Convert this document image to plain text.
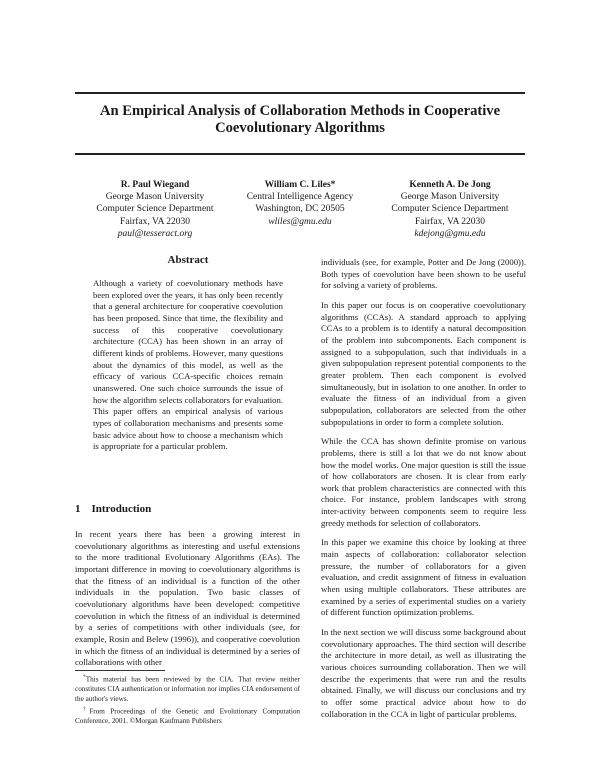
An Empirical Analysis of Collaboration Methods in Cooperative
Coevolutionary Algorithms
R. Paul Wiegand
George Mason University
Computer Science Department
Fairfax, VA 22030
paul@tesseract.org
William C. Liles*
Central Intelligence Agency
Washington, DC 20505
wliles@gmu.edu
Kenneth A. De Jong
George Mason University
Computer Science Department
Fairfax, VA 22030
kdejong@gmu.edu
Abstract

Although a variety of coevolutionary methods have been explored over the years, it has only been recently that a general architecture for cooperative coevolution has been proposed. Since that time, the flexibility and success of this cooperative coevolutionary architecture (CCA) has been shown in an array of different kinds of problems. However, many questions about the dynamics of this model, as well as the efficacy of various CCA-specific choices remain unanswered. One such choice surrounds the issue of how the algorithm selects collaborators for evaluation. This paper offers an empirical analysis of various types of collaboration mechanisms and presents some basic advice about how to choose a mechanism which is appropriate for a particular problem.

1 Introduction

In recent years there has been a growing interest in coevolutionary algorithms as interesting and useful extensions to the more traditional Evolutionary Algorithms (EAs). The important difference in moving to coevolutionary algorithms is that the fitness of an individual is a function of the other individuals in the population. Two basic classes of coevolutionary algorithms have been developed: competitive coevolution in which the fitness of an individual is determined by a series of competitions with other individuals (see, for example, Rosin and Belew (1996)), and cooperative coevolution in which the fitness of an individual is determined by a series of collaborations with other

*This material has been reviewed by the CIA. That review neither constitutes CIA authentication or information nor implies CIA endorsement of the author's views.

†From Proceedings of the Genetic and Evolutionary Computation Conference, 2001. ©Morgan Kaufmann Publishers

individuals (see, for example, Potter and De Jong (2000)). Both types of coevolution have been shown to be useful for solving a variety of problems.

In this paper our focus is on cooperative coevolutionary algorithms (CCAs). A standard approach to applying CCAs to a problem is to identify a natural decomposition of the problem into subcomponents. Each component is assigned to a subpopulation, such that individuals in a given subpopulation represent potential components to the greater problem. Then each component is evolved simultaneously, but in isolation to one another. In order to evaluate the fitness of an individual from a given subpopulation, collaborators are selected from the other subpopulations in order to form a complete solution.

While the CCA has shown definite promise on various problems, there is still a lot that we do not know about how the model works. One major question is still the issue of how collaborators are chosen. It is clear from early work that problem characteristics are connected with this choice. For instance, problem landscapes with strong inter-activity between components seem to require less greedy methods for selection of collaborators.

In this paper we examine this choice by looking at three main aspects of collaboration: collaborator selection pressure, the number of collaborators for a given evaluation, and credit assignment of fitness in evaluation when using multiple collaborators. These attributes are examined by a series of experimental studies on a variety of different function optimization problems.

In the next section we will discuss some background about coevolutionary approaches. The third section will describe the architecture in more detail, as well as illustrating the various choices surrounding collaboration. Then we will describe the experiments that were run and the results obtained. Finally, we will discuss our conclusions and try to offer some practical advice about how to do collaboration in the CCA in light of particular problems.
